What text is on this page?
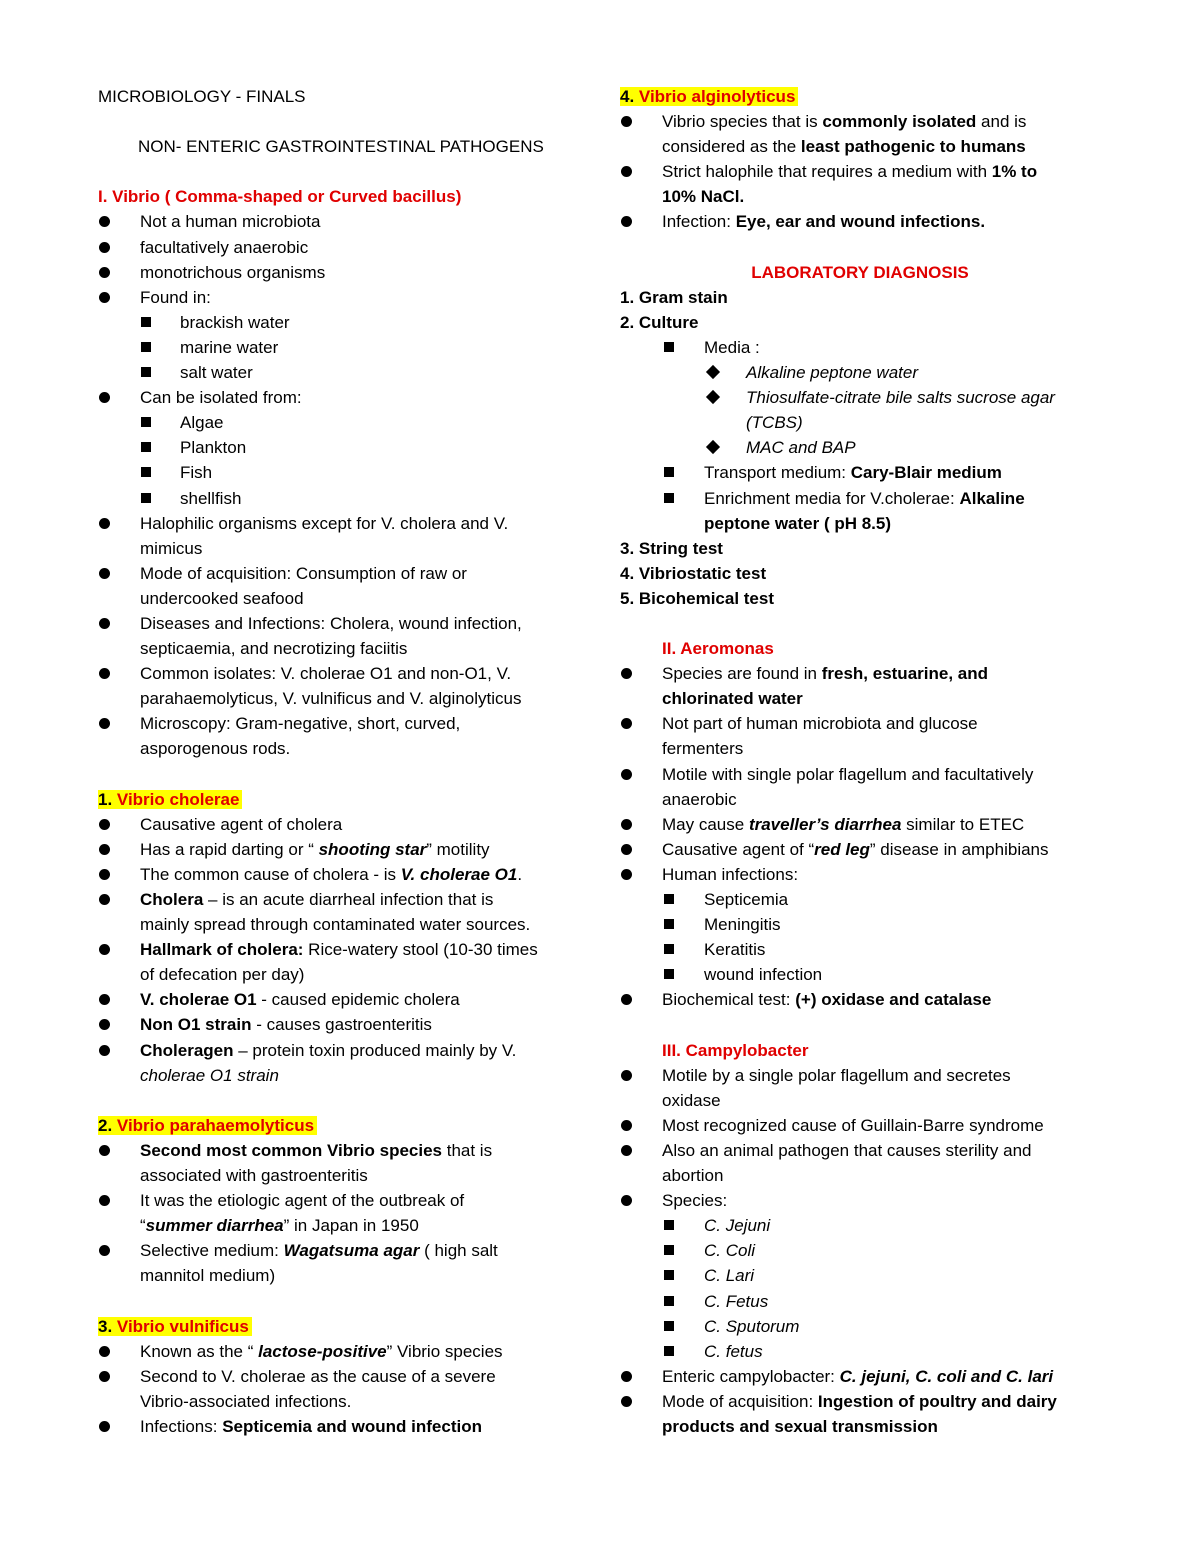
MICROBIOLOGY - FINALS

NON- ENTERIC GASTROINTESTINAL PATHOGENS

I. Vibrio ( Comma-shaped or Curved bacillus)

Not a human microbiota
facultatively anaerobic
monotrichous organisms
Found in:
brackish water
marine water
salt water
Can be isolated from:
Algae
Plankton
Fish
shellfish
Halophilic organisms except for V. cholera and V.
mimicus
Mode of acquisition: Consumption of raw or
undercooked seafood
Diseases and Infections: Cholera, wound infection,
septicaemia, and necrotizing faciitis
Common isolates: V. cholerae O1 and non-O1, V.
parahaemolyticus, V. vulnificus and V. alginolyticus
Microscopy: Gram-negative, short, curved,
asporogenous rods.

1. Vibrio cholerae

Causative agent of cholera
Has a rapid darting or “ shooting star” motility
The common cause of cholera - is V. cholerae O1.
Cholera – is an acute diarrheal infection that is
mainly spread through contaminated water sources.
Hallmark of cholera: Rice-watery stool (10-30 times
of defecation per day)
V. cholerae O1 - caused epidemic cholera
Non O1 strain - causes gastroenteritis
Choleragen – protein toxin produced mainly by V.
cholerae O1 strain

2. Vibrio parahaemolyticus

Second most common Vibrio species that is
associated with gastroenteritis
It was the etiologic agent of the outbreak of
“summer diarrhea” in Japan in 1950
Selective medium: Wagatsuma agar ( high salt
mannitol medium)

3. Vibrio vulnificus

Known as the “ lactose-positive” Vibrio species
Second to V. cholerae as the cause of a severe
Vibrio-associated infections.
Infections: Septicemia and wound infection

4. Vibrio alginolyticus

Vibrio species that is commonly isolated and is
considered as the least pathogenic to humans
Strict halophile that requires a medium with 1% to
10% NaCl.
Infection: Eye, ear and wound infections.

LABORATORY DIAGNOSIS

1. Gram stain

2. Culture

Media :
Alkaline peptone water
Thiosulfate-citrate bile salts sucrose agar
(TCBS)
MAC and BAP
Transport medium: Cary-Blair medium
Enrichment media for V.cholerae: Alkaline
peptone water ( pH 8.5)

3. String test

4. Vibriostatic test

5. Bicohemical test

II. Aeromonas

Species are found in fresh, estuarine, and
chlorinated water
Not part of human microbiota and glucose
fermenters
Motile with single polar flagellum and facultatively
anaerobic
May cause traveller’s diarrhea similar to ETEC
Causative agent of “red leg” disease in amphibians
Human infections:
Septicemia
Meningitis
Keratitis
wound infection
Biochemical test: (+) oxidase and catalase

III. Campylobacter

Motile by a single polar flagellum and secretes
oxidase
Most recognized cause of Guillain-Barre syndrome
Also an animal pathogen that causes sterility and
abortion
Species:
C. Jejuni
C. Coli
C. Lari
C. Fetus
C. Sputorum
C. fetus
Enteric campylobacter: C. jejuni, C. coli and C. lari
Mode of acquisition: Ingestion of poultry and dairy
products and sexual transmission
